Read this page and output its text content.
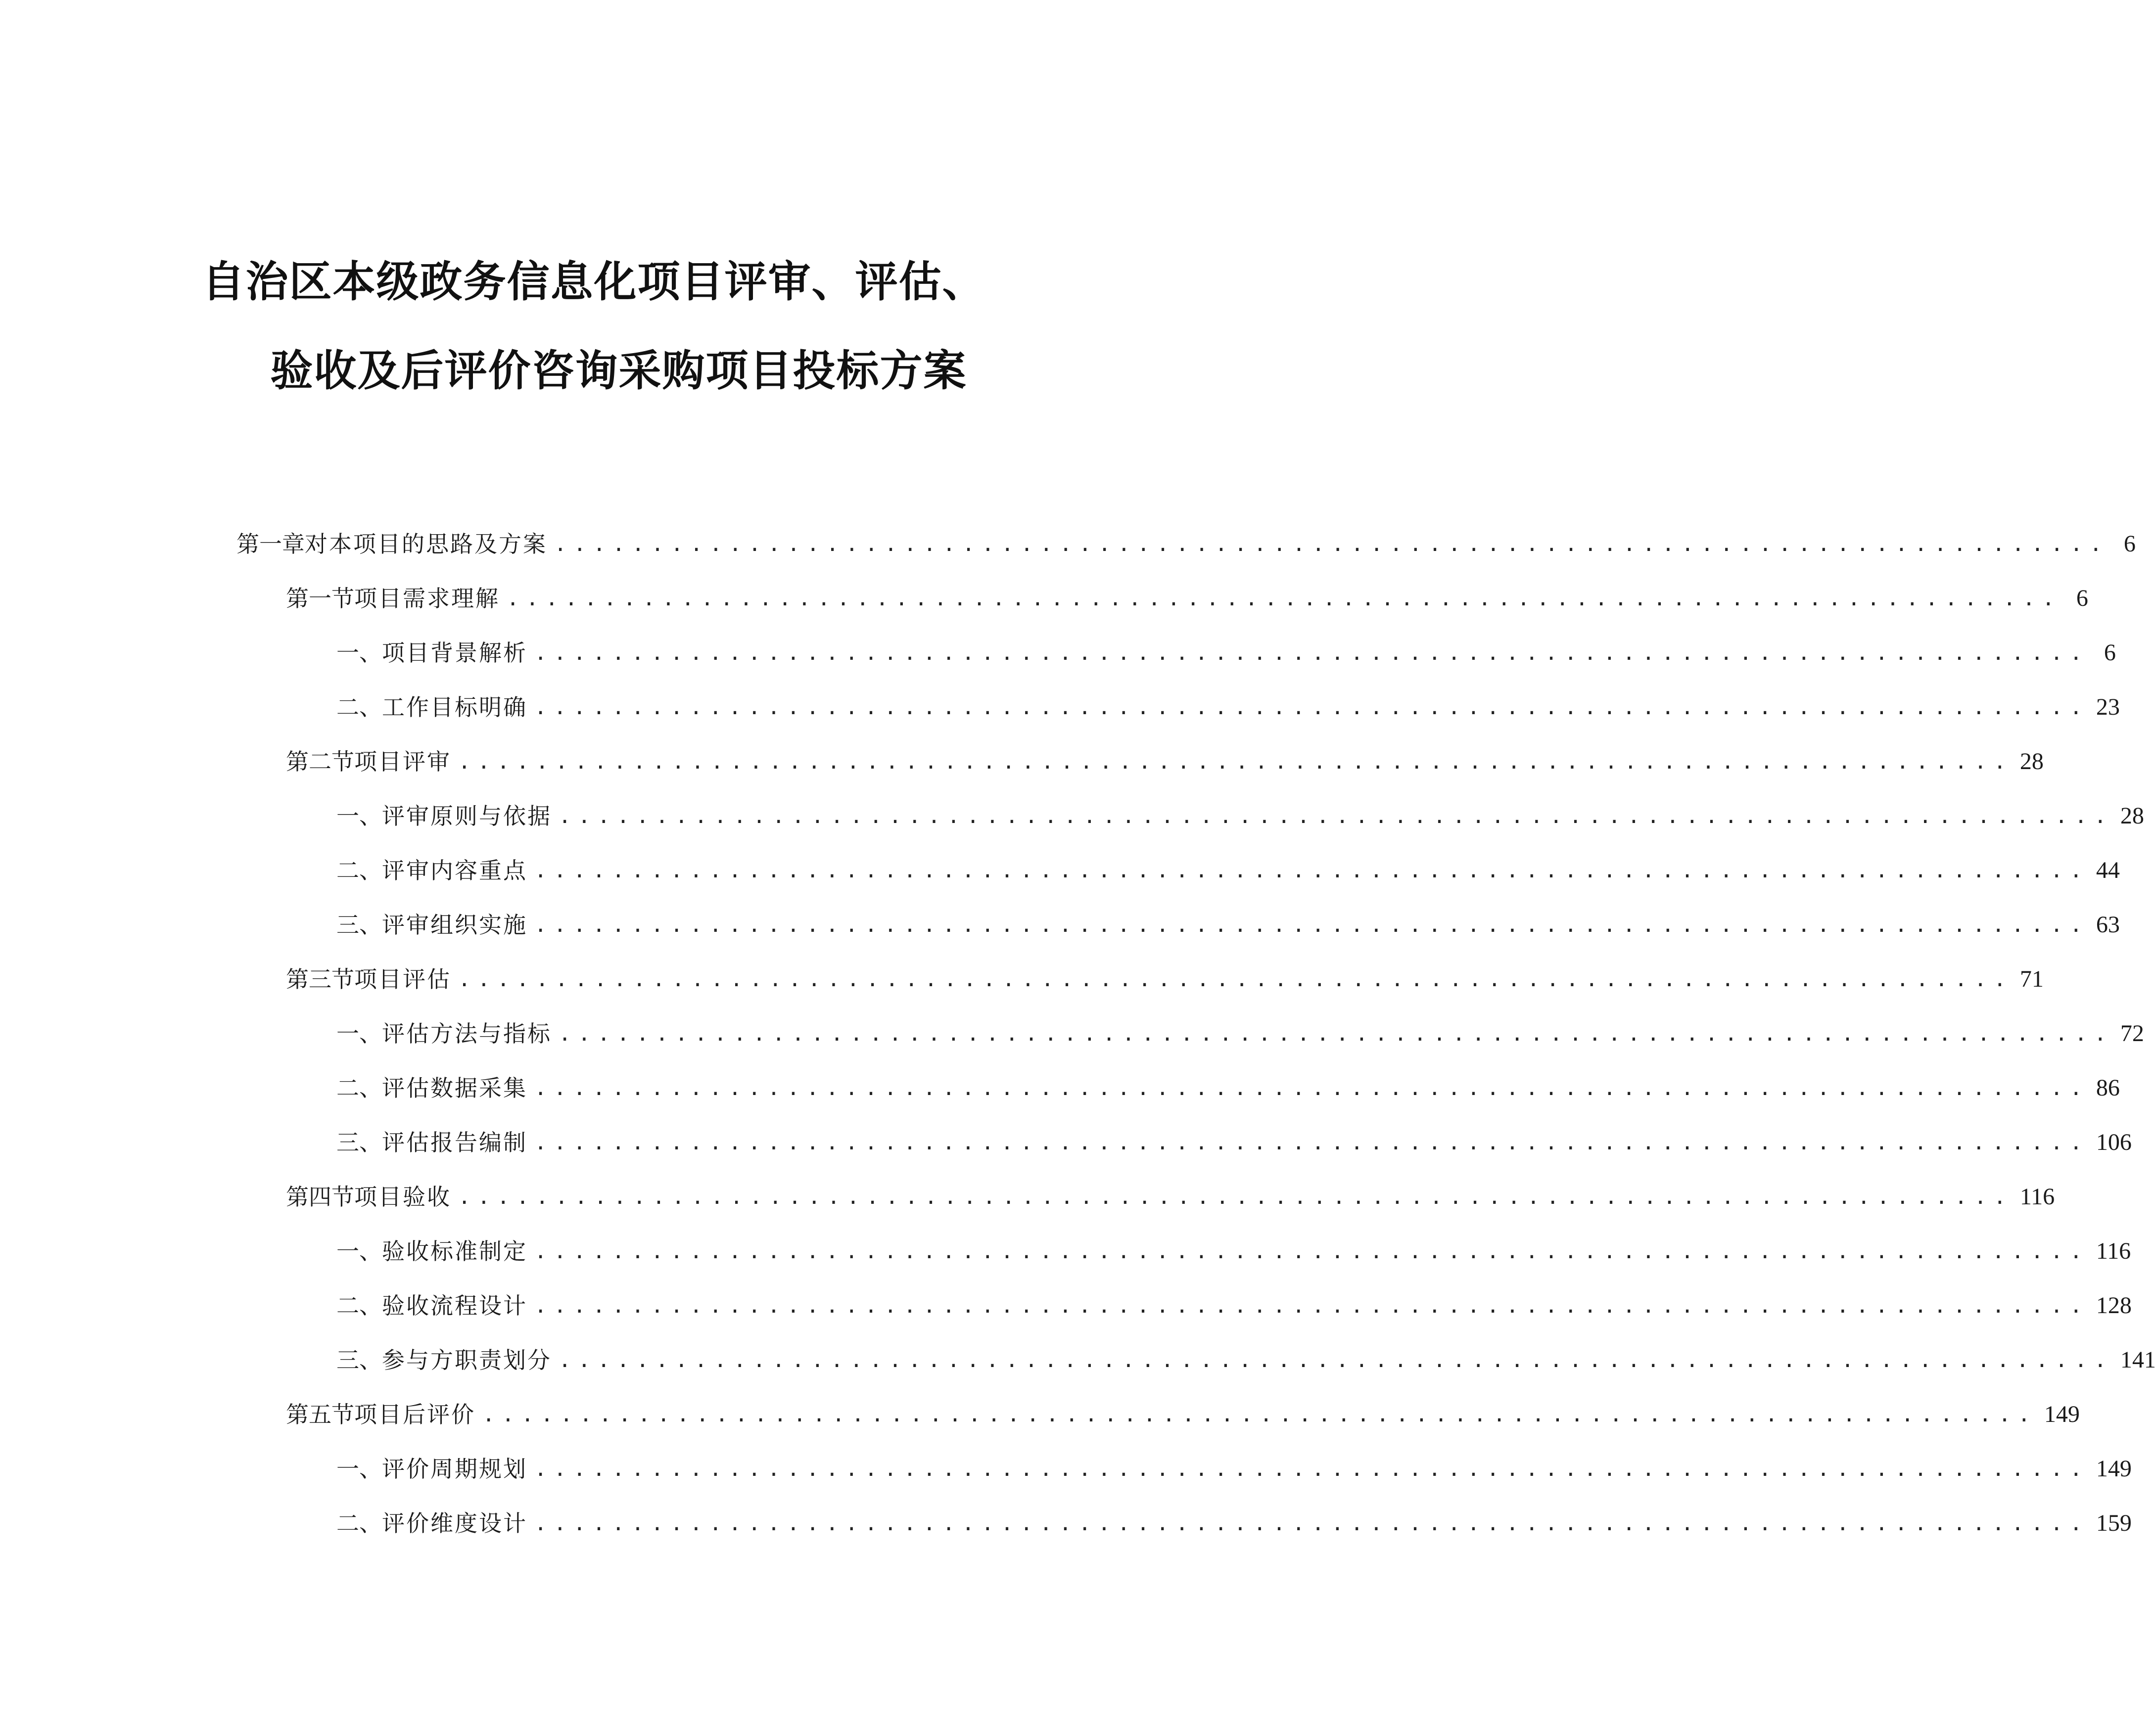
自治区本级政务信息化项目评审、评估、
验收及后评价咨询采购项目投标方案
第一章 对本项目的思路及方案 ................................................................................ 6
第一节 项目需求理解 ................................................................................ 6
一、 项目背景解析 ................................................................................ 6
二、 工作目标明确 ................................................................................ 23
第二节 项目评审 ................................................................................ 28
一、 评审原则与依据 ................................................................................ 28
二、 评审内容重点 ................................................................................ 44
三、 评审组织实施 ................................................................................ 63
第三节 项目评估 ................................................................................ 71
一、 评估方法与指标 ................................................................................ 72
二、 评估数据采集 ................................................................................ 86
三、 评估报告编制 ................................................................................ 106
第四节 项目验收 ................................................................................ 116
一、 验收标准制定 ................................................................................ 116
二、 验收流程设计 ................................................................................ 128
三、 参与方职责划分 ................................................................................ 141
第五节 项目后评价 ................................................................................ 149
一、 评价周期规划 ................................................................................ 149
二、 评价维度设计 ................................................................................ 159
